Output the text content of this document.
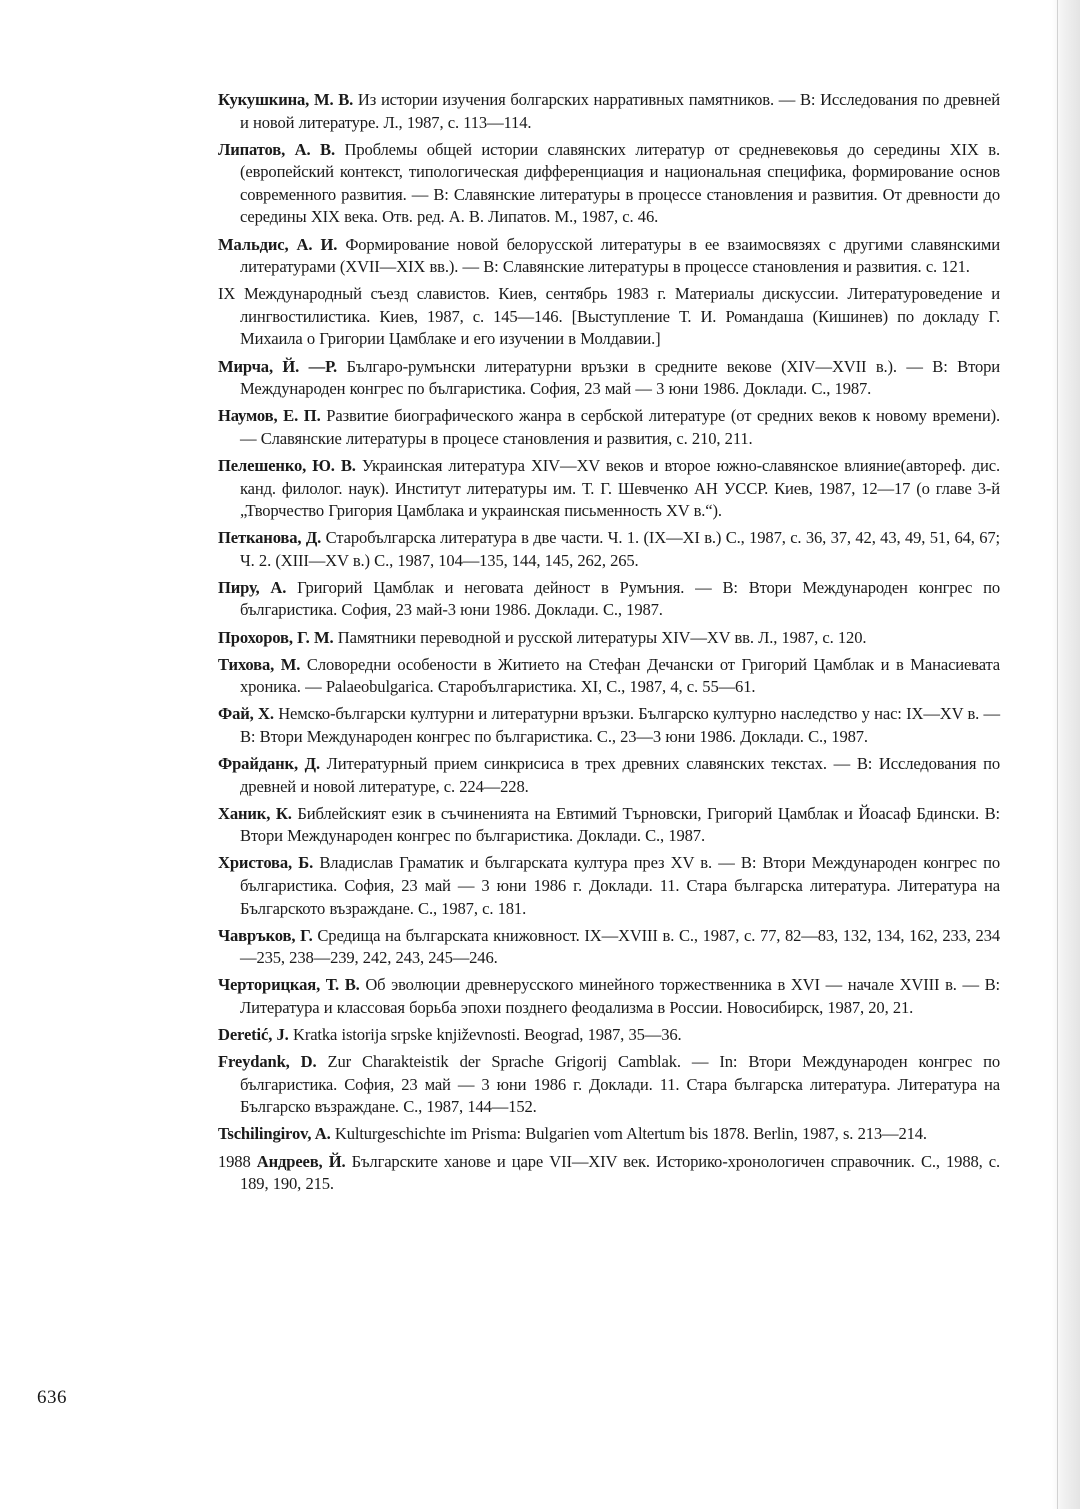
Кукушкина, М. В. Из истории изучения болгарских нарративных памятников. — В: Исследования по древней и новой литературе. Л., 1987, с. 113—114.
Липатов, А. В. Проблемы общей истории славянских литератур от средневековья до середины XIX в. (европейский контекст, типологическая дифференциация и национальная специфика, формирование основ современного развития. — В: Славянские литературы в процессе становления и развития. От древности до середины XIX века. Отв. ред. А. В. Липатов. М., 1987, с. 46.
Мальдис, А. И. Формирование новой белорусской литературы в ее взаимосвязях с другими славянскими литературами (XVII—XIX вв.). — В: Славянские литературы в процессе становления и развития. с. 121.
IX Международный съезд славистов. Киев, сентябрь 1983 г. Материалы дискуссии. Литературоведение и лингвостилистика. Киев, 1987, с. 145—146. [Выступление Т. И. Романдаша (Кишинев) по докладу Г. Михаила о Григории Цамблаке и его изучении в Молдавии.]
Мирча, Й. —Р. Българо-румънски литературни връзки в средните векове (XIV—XVII в.). — В: Втори Международен конгрес по българистика. София, 23 май — 3 юни 1986. Доклади. С., 1987.
Наумов, Е. П. Развитие биографического жанра в сербской литературе (от средних веков к новому времени). — Славянские литературы в процесе становления и развития, с. 210, 211.
Пелешенко, Ю. В. Украинская литература XIV—XV веков и второе южно-славянское влияние(автореф. дис. канд. филолог. наук). Институт литературы им. Т. Г. Шевченко АН УССР. Киев, 1987, 12—17 (о главе 3-й „Творчество Григория Цамблака и украинская письменность XV в.“).
Петканова, Д. Старобългарска литература в две части. Ч. 1. (IX—XI в.) С., 1987, с. 36, 37, 42, 43, 49, 51, 64, 67; Ч. 2. (XIII—XV в.) С., 1987, 104—135, 144, 145, 262, 265.
Пиру, А. Григорий Цамблак и неговата дейност в Румъния. — В: Втори Международен конгрес по българистика. София, 23 май-3 юни 1986. Доклади. С., 1987.
Прохоров, Г. М. Памятники переводной и русской литературы XIV—XV вв. Л., 1987, с. 120.
Тихова, М. Словоредни особености в Житието на Стефан Дечански от Григорий Цамблак и в Манасиевата хроника. — Palaeobulgarica. Старобългаристика. XI, С., 1987, 4, с. 55—61.
Фай, Х. Немско-български културни и литературни връзки. Българско културно наследство у нас: IX—XV в. — В: Втори Международен конгрес по българистика. С., 23—3 юни 1986. Доклади. С., 1987.
Фрайданк, Д. Литературный прием синкрисиса в трех древних славянских текстах. — В: Исследования по древней и новой литературе, с. 224—228.
Ханик, К. Библейският език в съчиненията на Евтимий Търновски, Григорий Цамблак и Йоасаф Бдински. В: Втори Международен конгрес по българистика. Доклади. С., 1987.
Христова, Б. Владислав Граматик и българската култура през XV в. — В: Втори Международен конгрес по българистика. София, 23 май — 3 юни 1986 г. Доклади. 11. Стара българска литература. Литература на Българското възраждане. С., 1987, с. 181.
Чавръков, Г. Средища на българската книжовност. IX—XVIII в. С., 1987, с. 77, 82—83, 132, 134, 162, 233, 234—235, 238—239, 242, 243, 245—246.
Черторицкая, Т. В. Об эволюции древнерусского минейного торжественника в XVI — начале XVIII в. — В: Литература и классовая борьба эпохи позднего феодализма в России. Новосибирск, 1987, 20, 21.
Deretić, J. Kratka istorija srpske književnosti. Beograd, 1987, 35—36.
Freydank, D. Zur Charakteistik der Sprache Grigorij Camblak. — In: Втори Международен конгрес по българистика. София, 23 май — 3 юни 1986 г. Доклади. 11. Стара българска литература. Литература на Българско възраждане. С., 1987, 144—152.
Tschilingirov, A. Kulturgeschichte im Prisma: Bulgarien vom Altertum bis 1878. Berlin, 1987, s. 213—214.
1988 Андреев, Й. Българските ханове и царе VII—XIV век. Историко-хронологичен справочник. С., 1988, с. 189, 190, 215.
636
